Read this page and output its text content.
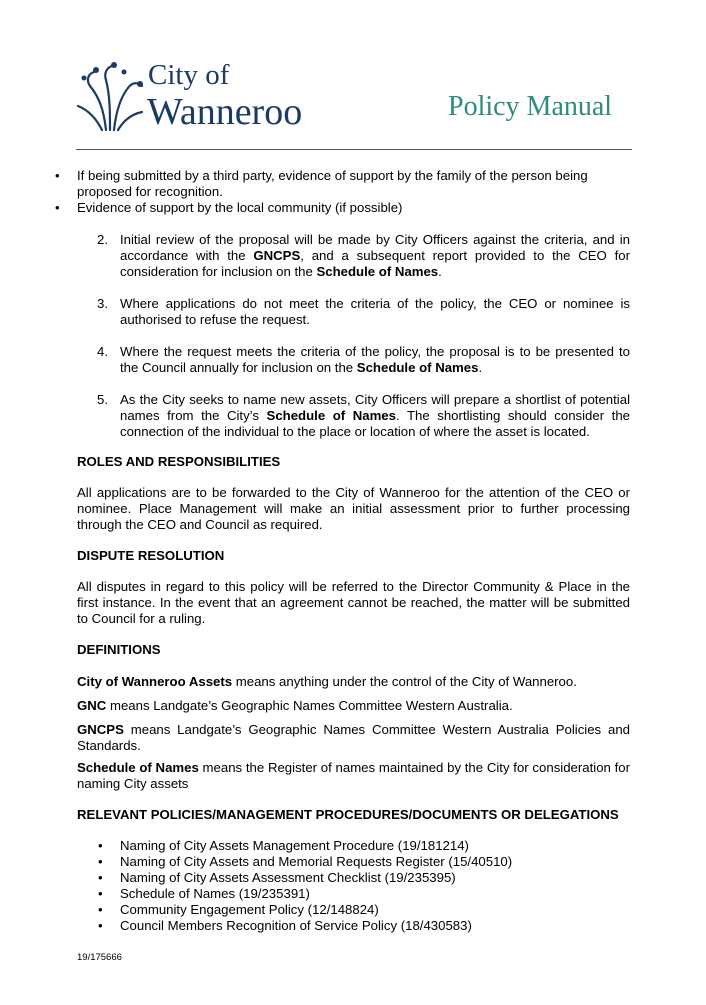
City of
Wanneroo	Policy Manual
• If being submitted by a third party, evidence of support by the family of the person being proposed for recognition.
• Evidence of support by the local community (if possible)
2. Initial review of the proposal will be made by City Officers against the criteria, and in accordance with the GNCPS, and a subsequent report provided to the CEO for consideration for inclusion on the Schedule of Names.
3. Where applications do not meet the criteria of the policy, the CEO or nominee is authorised to refuse the request.
4. Where the request meets the criteria of the policy, the proposal is to be presented to the Council annually for inclusion on the Schedule of Names.
5. As the City seeks to name new assets, City Officers will prepare a shortlist of potential names from the City’s Schedule of Names. The shortlisting should consider the connection of the individual to the place or location of where the asset is located.

ROLES AND RESPONSIBILITIES

All applications are to be forwarded to the City of Wanneroo for the attention of the CEO or nominee. Place Management will make an initial assessment prior to further processing through the CEO and Council as required.

DISPUTE RESOLUTION

All disputes in regard to this policy will be referred to the Director Community & Place in the first instance. In the event that an agreement cannot be reached, the matter will be submitted to Council for a ruling.

DEFINITIONS

City of Wanneroo Assets means anything under the control of the City of Wanneroo.

GNC means Landgate’s Geographic Names Committee Western Australia.

GNCPS means Landgate’s Geographic Names Committee Western Australia Policies and Standards.

Schedule of Names means the Register of names maintained by the City for consideration for naming City assets

RELEVANT POLICIES/MANAGEMENT PROCEDURES/DOCUMENTS OR DELEGATIONS

• Naming of City Assets Management Procedure (19/181214)
• Naming of City Assets and Memorial Requests Register (15/40510)
• Naming of City Assets Assessment Checklist (19/235395)
• Schedule of Names (19/235391)
• Community Engagement Policy (12/148824)
• Council Members Recognition of Service Policy (18/430583)
19/175666
